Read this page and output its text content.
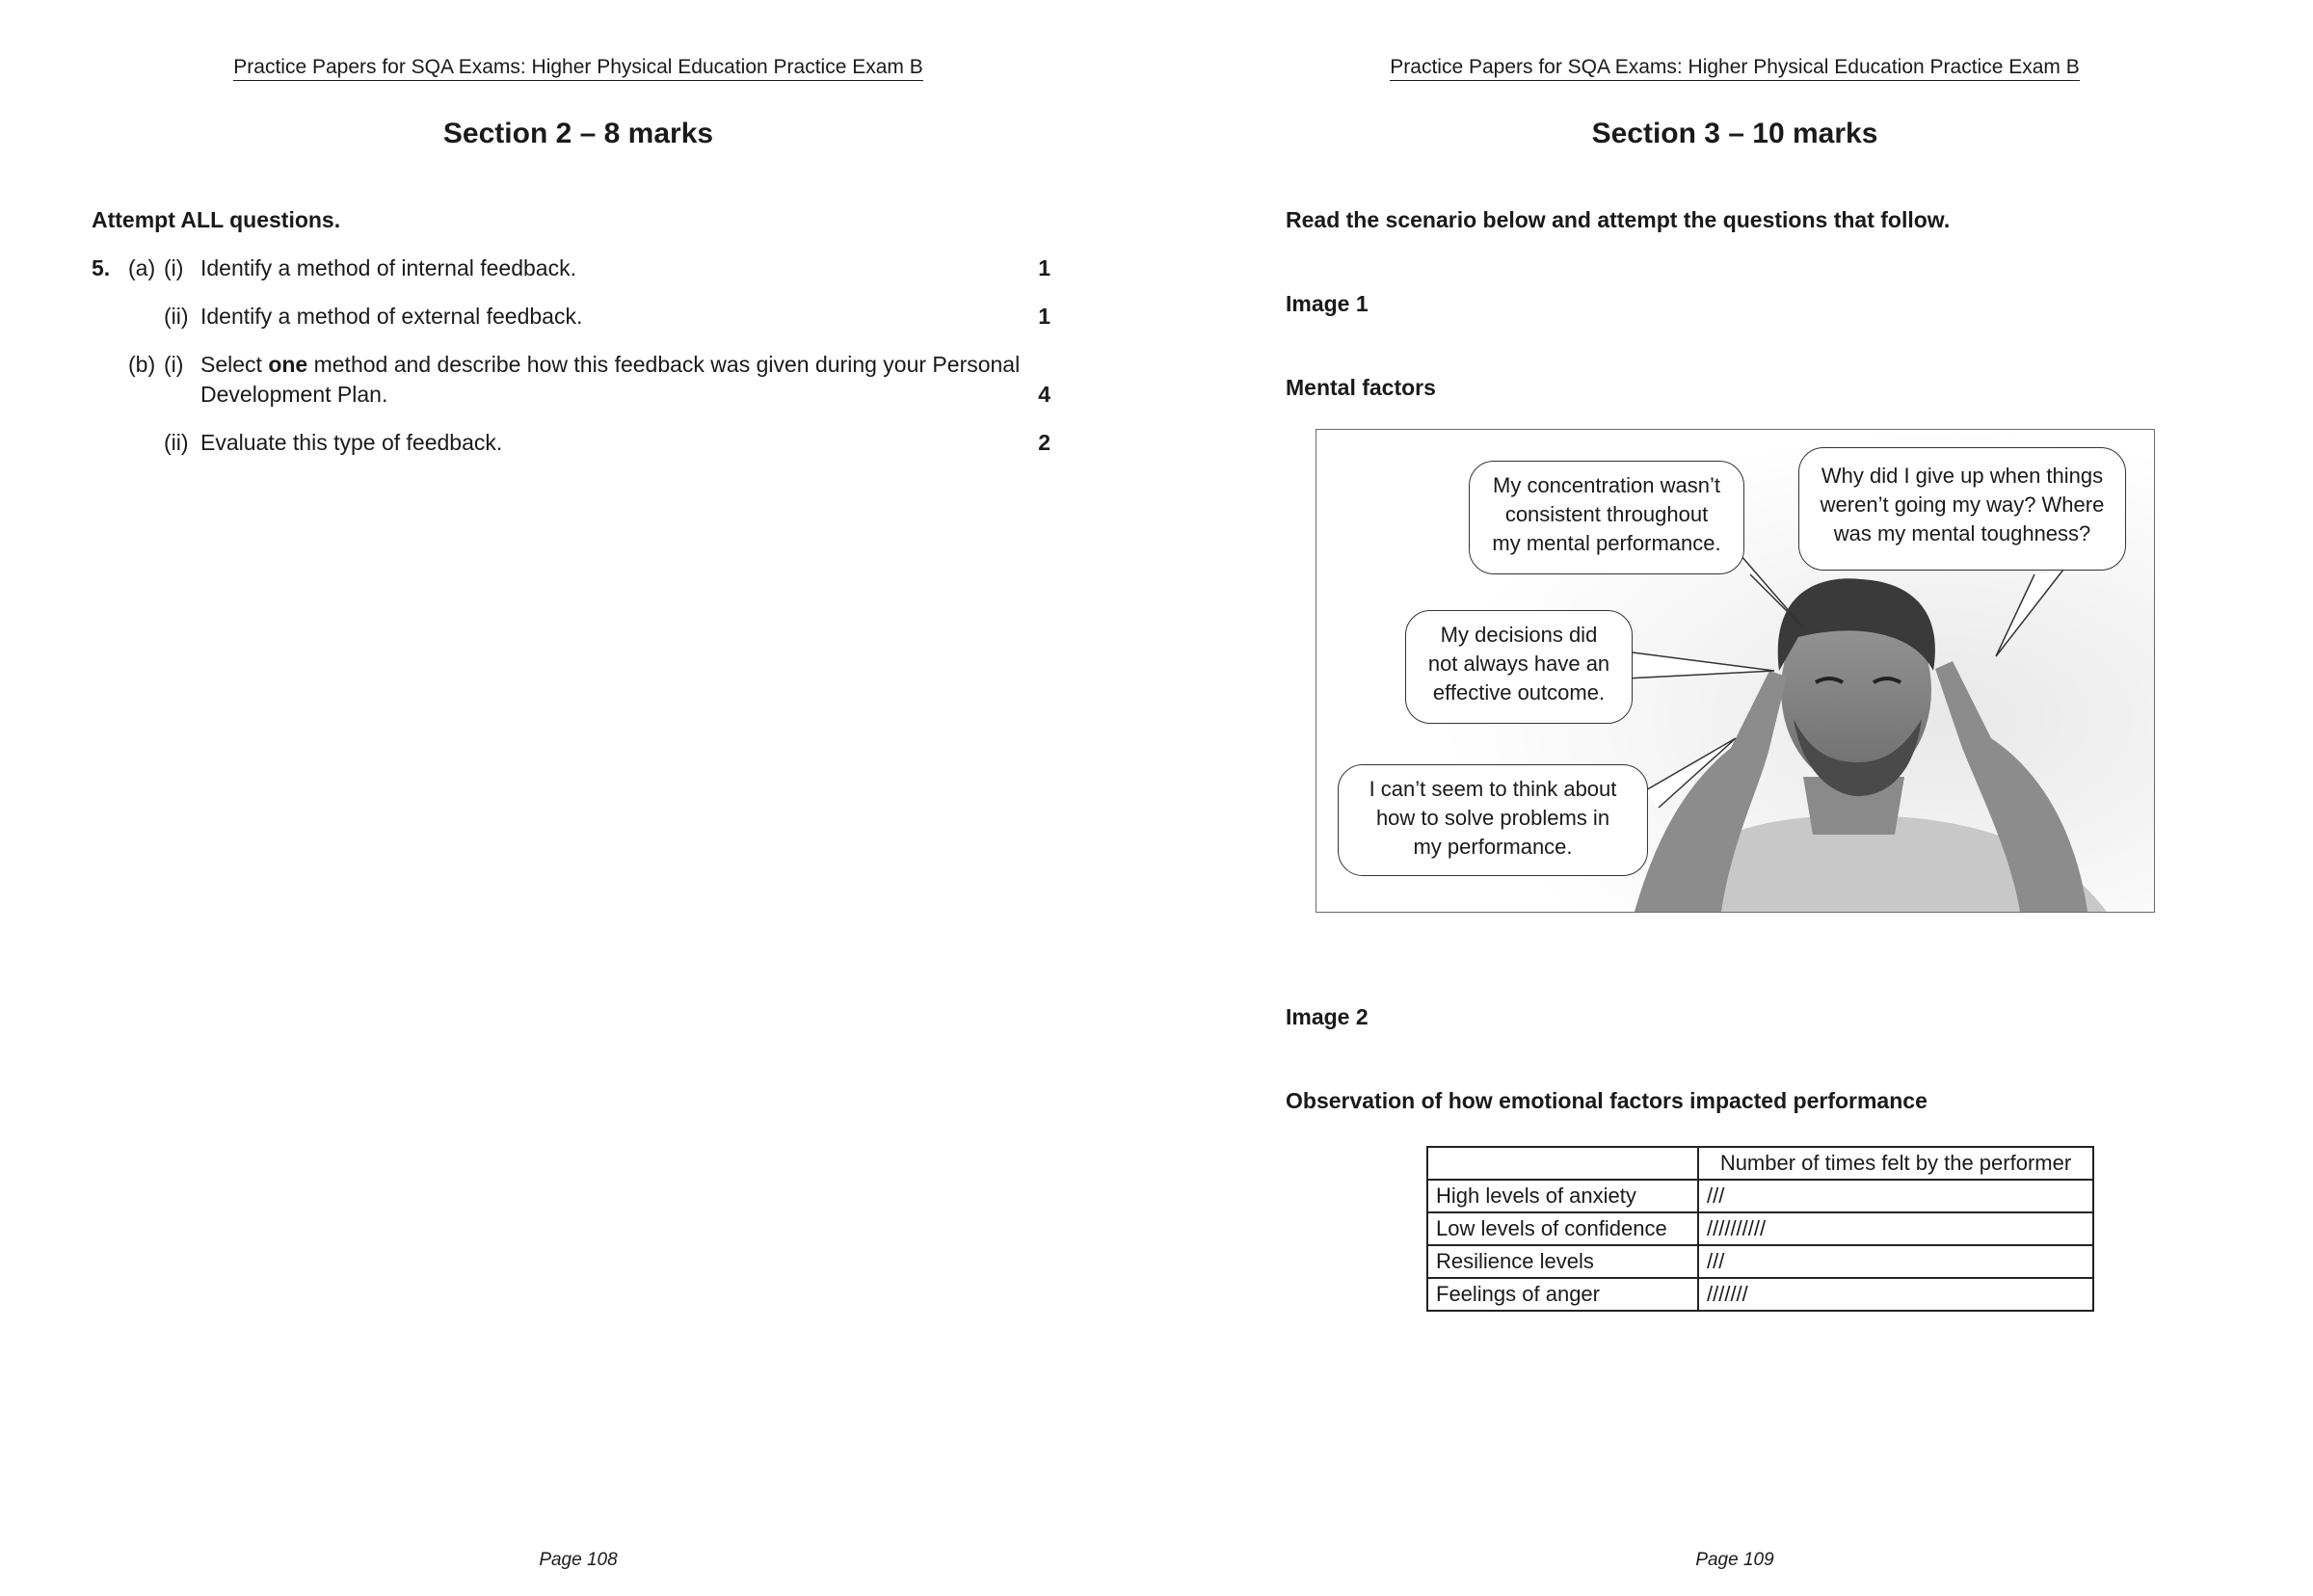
Practice Papers for SQA Exams: Higher Physical Education Practice Exam B
Section 2 – 8 marks
Attempt ALL questions.
5. (a) (i) Identify a method of internal feedback.	1
(ii) Identify a method of external feedback.	1
(b) (i) Select one method and describe how this feedback was given during your Personal
Development Plan.	4
(ii) Evaluate this type of feedback.	2
Page 108
Practice Papers for SQA Exams: Higher Physical Education Practice Exam B
Section 3 – 10 marks
Page 109
Read the scenario below and attempt the questions that follow.
Image 1
Mental factors
My concentration wasn’t
consistent throughout
my mental performance.
Why did I give up when things
weren’t going my way? Where
was my mental toughness?
My decisions did
not always have an
effective outcome.
I can’t seem to think about
how to solve problems in
my performance.
Image 2
Observation of how emotional factors impacted performance
	Number of times felt by the performer
High levels of anxiety	///
Low levels of confidence	//////////
Resilience levels	///
Feelings of anger	///////
